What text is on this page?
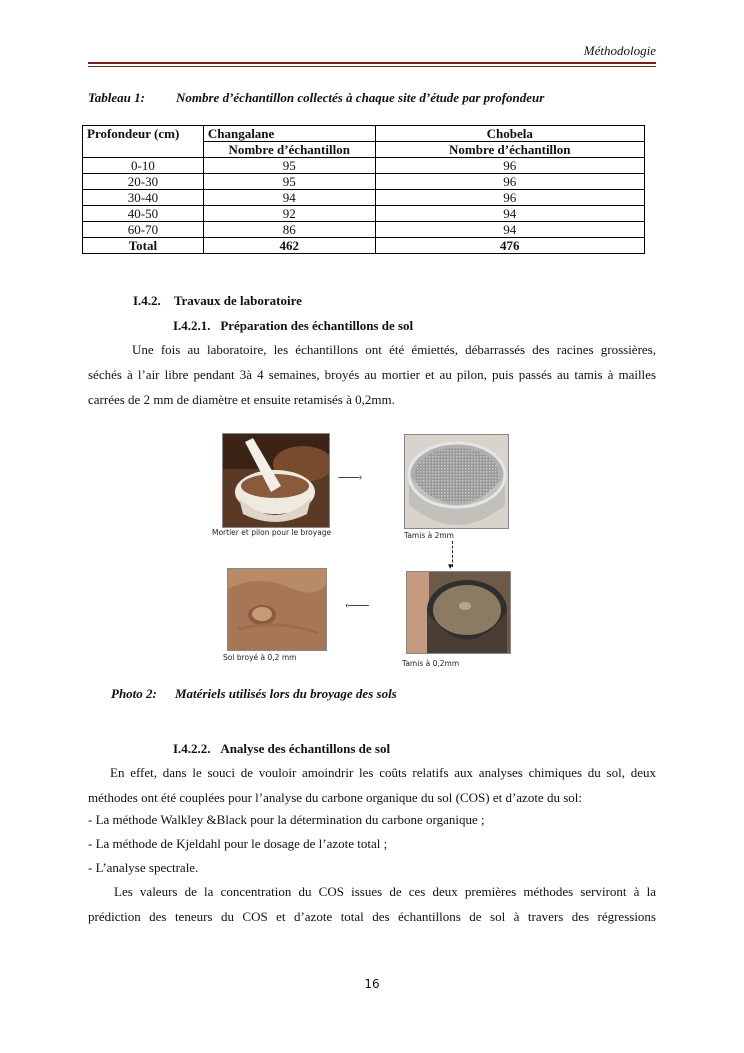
Méthodologie
Tableau 1: Nombre d’échantillon collectés à chaque site d’étude par profondeur
Profondeur (cm)	Changalane	Chobela
	Nombre d’échantillon	Nombre d’échantillon
0-10	95	96
20-30	95	96
30-40	94	96
40-50	92	94
60-70	86	94
Total	462	476
I.4.2. Travaux de laboratoire
I.4.2.1. Préparation des échantillons de sol
Une fois au laboratoire, les échantillons ont été émiettés, débarrassés des racines grossières,
séchés à l’air libre pendant 3à 4 semaines, broyés au mortier et au pilon, puis passés au tamis à mailles
carrées de 2 mm de diamètre et ensuite retamisés à 0,2mm.
Mortier et pilon pour le broyage
---------›
Tamis à 2mm
▾
Sol broyé à 0,2 mm
‹---------
Tamis à 0,2mm
Photo 2: Matériels utilisés lors du broyage des sols
I.4.2.2. Analyse des échantillons de sol
En effet, dans le souci de vouloir amoindrir les coûts relatifs aux analyses chimiques du sol, deux
méthodes ont été couplées pour l’analyse du carbone organique du sol (COS) et d’azote du sol:
- La méthode Walkley &Black pour la détermination du carbone organique ;
- La méthode de Kjeldahl pour le dosage de l’azote total ;
- L’analyse spectrale.
Les valeurs de la concentration du COS issues de ces deux premières méthodes serviront à la
prédiction des teneurs du COS et d’azote total des échantillons de sol à travers des régressions
16
